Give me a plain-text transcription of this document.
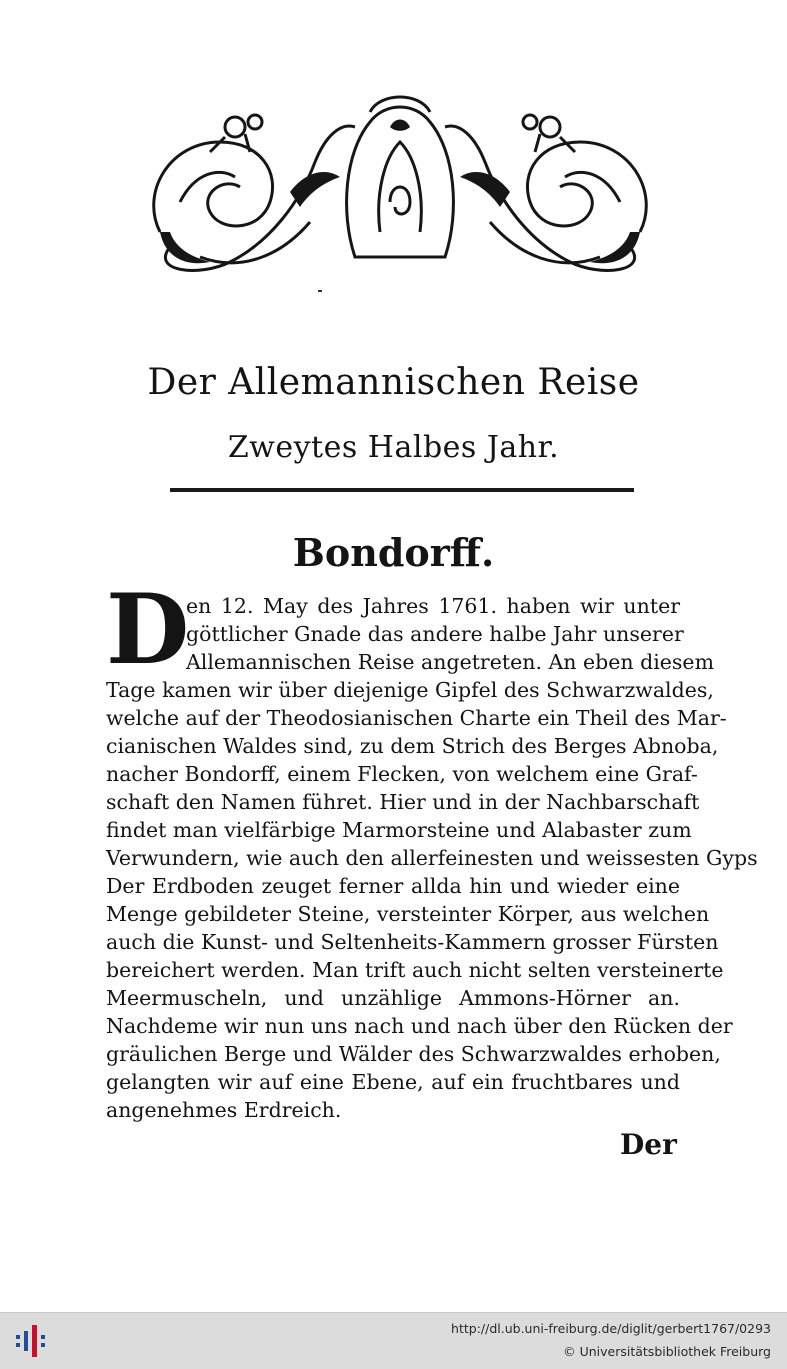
Der Allemannischen Reise
Zweytes Halbes Jahr.
Bondorff.
D
en 12. May des Jahres 1761. haben wir unter
göttlicher Gnade das andere halbe Jahr unserer
Allemannischen Reise angetreten. An eben diesem
Tage kamen wir über diejenige Gipfel des Schwarzwaldes,
welche auf der Theodosianischen Charte ein Theil des Mar-
cianischen Waldes sind, zu dem Strich des Berges Abnoba,
nacher Bondorff, einem Flecken, von welchem eine Graf-
schaft den Namen führet. Hier und in der Nachbarschaft
findet man vielfärbige Marmorsteine und Alabaster zum
Verwundern, wie auch den allerfeinesten und weissesten Gyps
Der Erdboden zeuget ferner allda hin und wieder eine
Menge gebildeter Steine, versteinter Körper, aus welchen
auch die Kunst- und Seltenheits-Kammern grosser Fürsten
bereichert werden. Man trift auch nicht selten versteinerte
Meermuscheln, und unzählige Ammons-Hörner an.
Nachdeme wir nun uns nach und nach über den Rücken der
gräulichen Berge und Wälder des Schwarzwaldes erhoben,
gelangten wir auf eine Ebene, auf ein fruchtbares und
angenehmes Erdreich.
Der
http://dl.ub.uni-freiburg.de/diglit/gerbert1767/0293
© Universitätsbibliothek Freiburg
